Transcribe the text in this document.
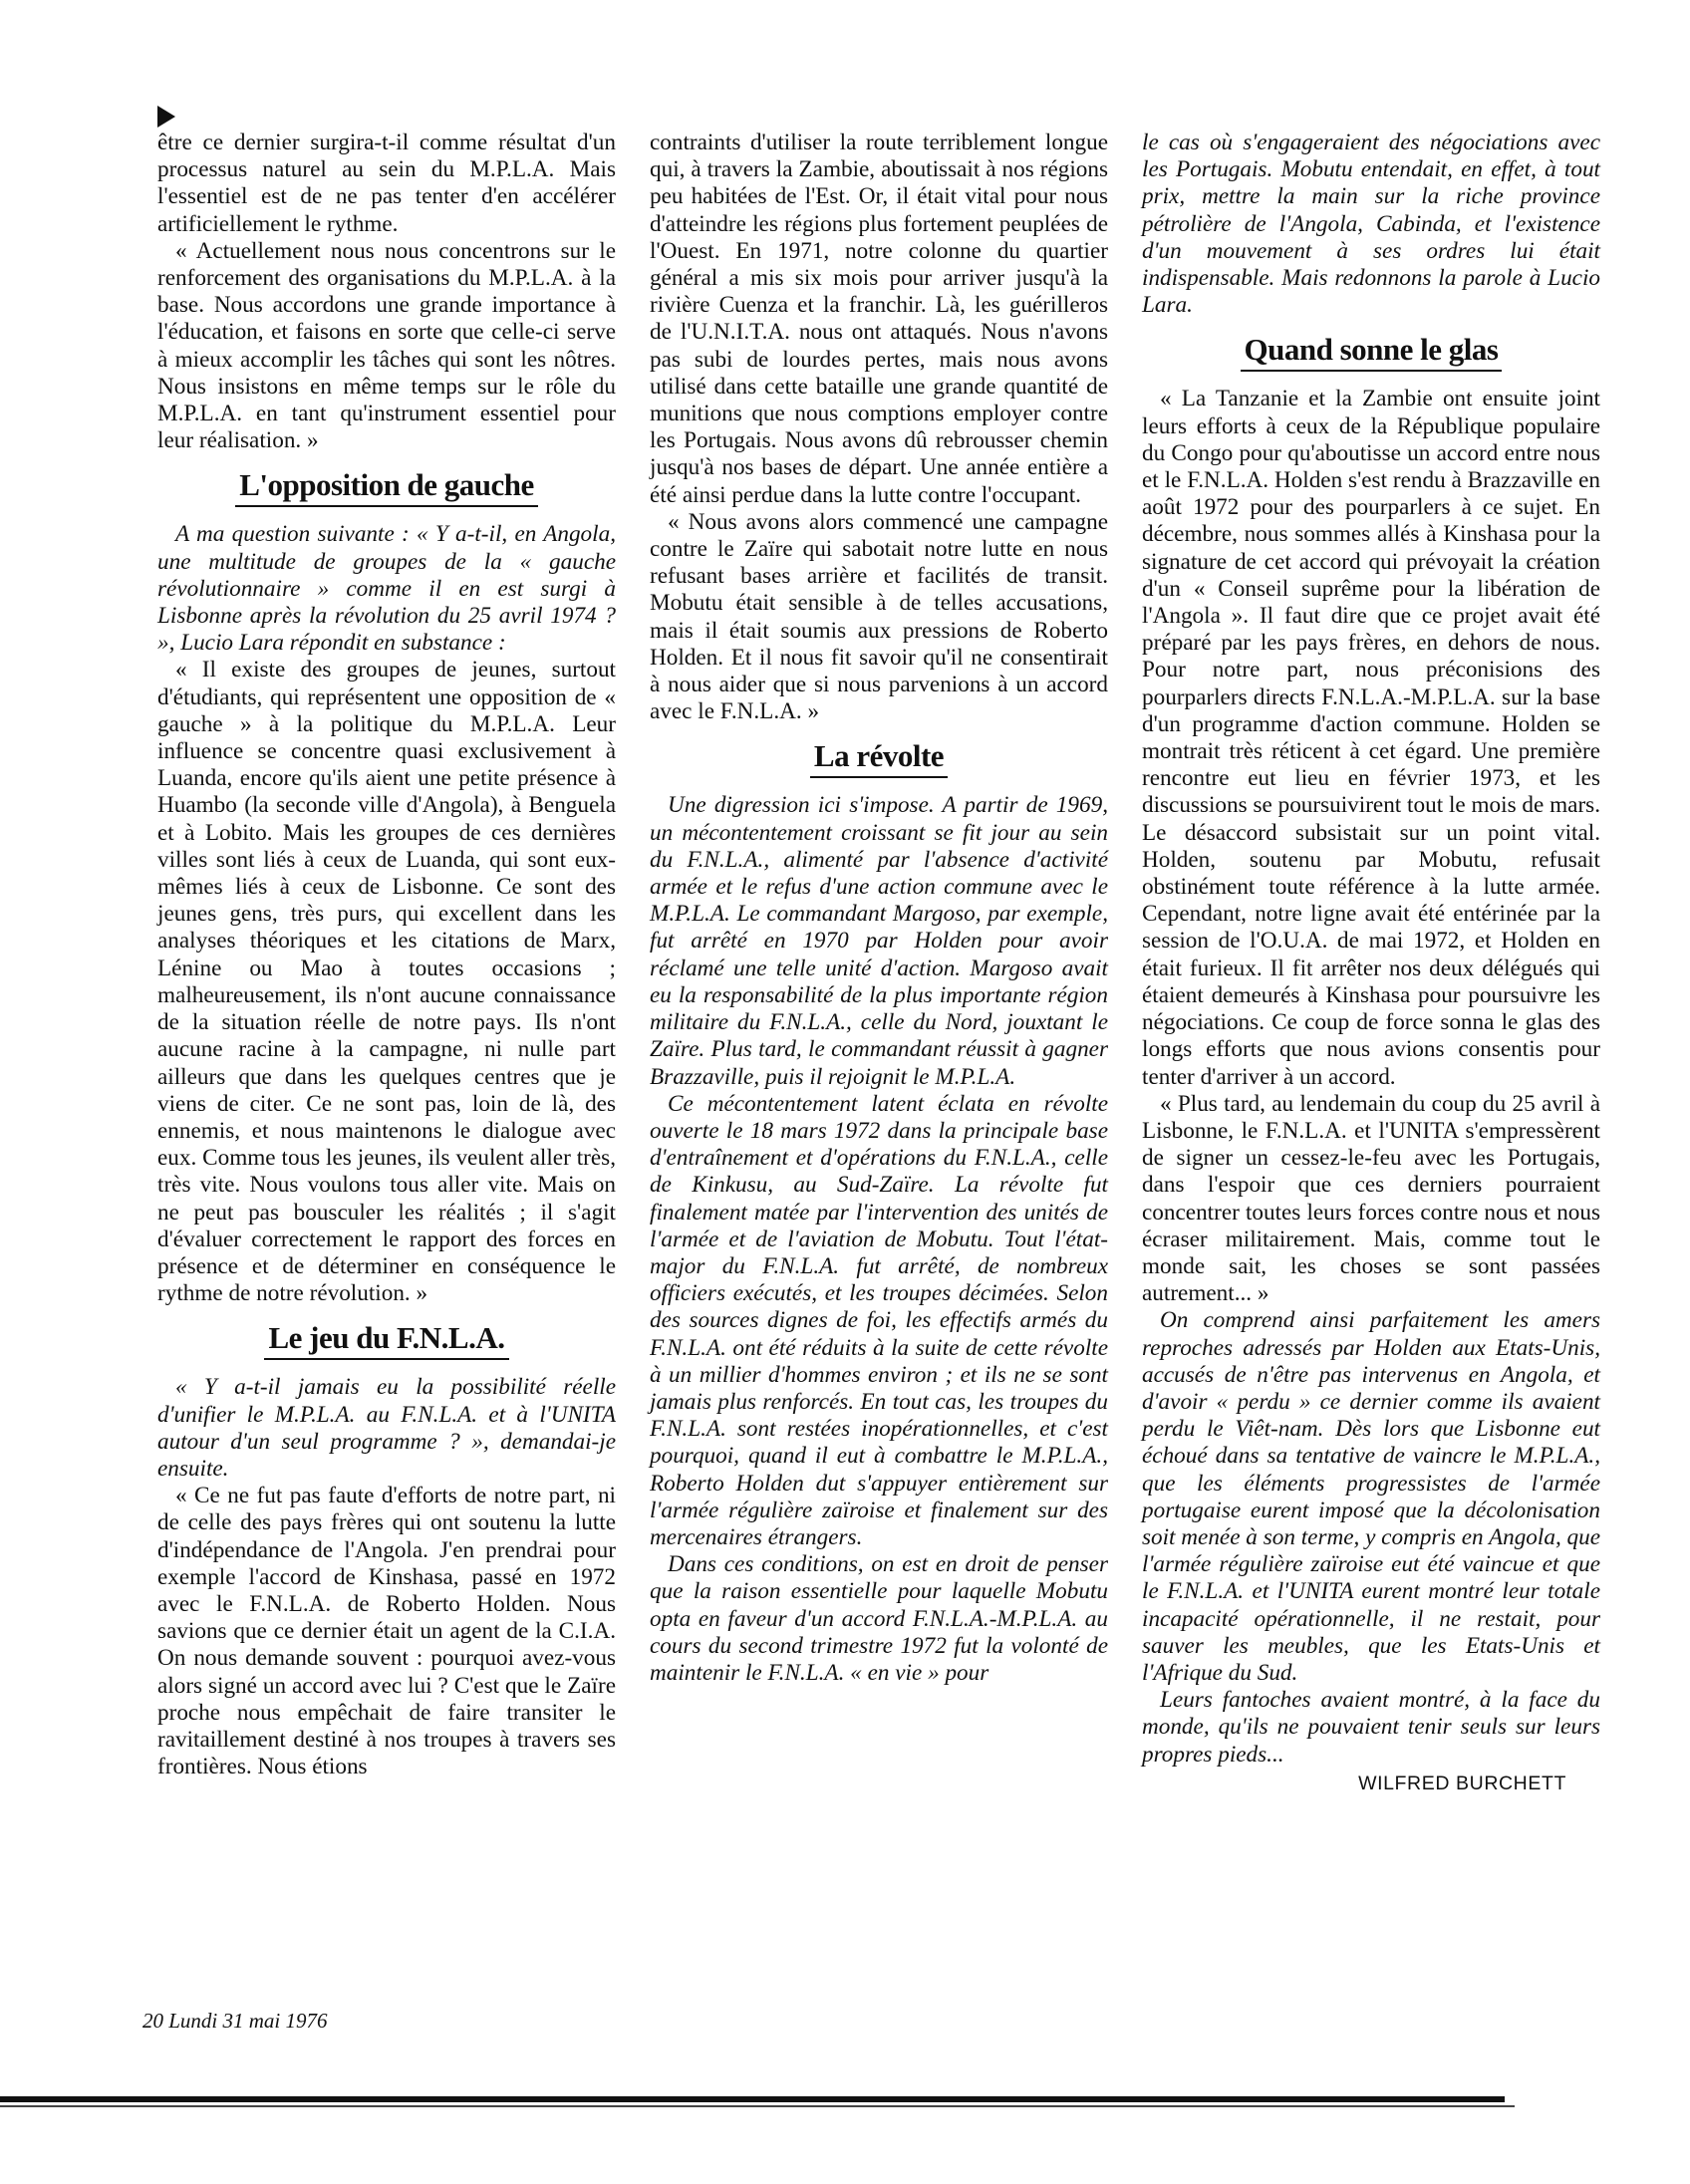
être ce dernier surgira-t-il comme résultat d'un processus naturel au sein du M.P.L.A. Mais l'essentiel est de ne pas tenter d'en accélérer artificiellement le rythme.

« Actuellement nous nous concentrons sur le renforcement des organisations du M.P.L.A. à la base. Nous accordons une grande importance à l'éducation, et faisons en sorte que celle-ci serve à mieux accomplir les tâches qui sont les nôtres. Nous insistons en même temps sur le rôle du M.P.L.A. en tant qu'instrument essentiel pour leur réalisation. »

L'opposition de gauche

A ma question suivante : « Y a-t-il, en Angola, une multitude de groupes de la « gauche révolutionnaire » comme il en est surgi à Lisbonne après la révolution du 25 avril 1974 ? », Lucio Lara répondit en substance :

« Il existe des groupes de jeunes, surtout d'étudiants, qui représentent une opposition de « gauche » à la politique du M.P.L.A. Leur influence se concentre quasi exclusivement à Luanda, encore qu'ils aient une petite présence à Huambo (la seconde ville d'Angola), à Benguela et à Lobito. Mais les groupes de ces dernières villes sont liés à ceux de Luanda, qui sont eux-mêmes liés à ceux de Lisbonne. Ce sont des jeunes gens, très purs, qui excellent dans les analyses théoriques et les citations de Marx, Lénine ou Mao à toutes occasions ; malheureusement, ils n'ont aucune connaissance de la situation réelle de notre pays. Ils n'ont aucune racine à la campagne, ni nulle part ailleurs que dans les quelques centres que je viens de citer. Ce ne sont pas, loin de là, des ennemis, et nous maintenons le dialogue avec eux. Comme tous les jeunes, ils veulent aller très, très vite. Nous voulons tous aller vite. Mais on ne peut pas bousculer les réalités ; il s'agit d'évaluer correctement le rapport des forces en présence et de déterminer en conséquence le rythme de notre révolution. »

Le jeu du F.N.L.A.

« Y a-t-il jamais eu la possibilité réelle d'unifier le M.P.L.A. au F.N.L.A. et à l'UNITA autour d'un seul programme ? », demandai-je ensuite.

« Ce ne fut pas faute d'efforts de notre part, ni de celle des pays frères qui ont soutenu la lutte d'indépendance de l'Angola. J'en prendrai pour exemple l'accord de Kinshasa, passé en 1972 avec le F.N.L.A. de Roberto Holden. Nous savions que ce dernier était un agent de la C.I.A. On nous demande souvent : pourquoi avez-vous alors signé un accord avec lui ? C'est que le Zaïre proche nous empêchait de faire transiter le ravitaillement destiné à nos troupes à travers ses frontières. Nous étions

contraints d'utiliser la route terriblement longue qui, à travers la Zambie, aboutissait à nos régions peu habitées de l'Est. Or, il était vital pour nous d'atteindre les régions plus fortement peuplées de l'Ouest. En 1971, notre colonne du quartier général a mis six mois pour arriver jusqu'à la rivière Cuenza et la franchir. Là, les guérilleros de l'U.N.I.T.A. nous ont attaqués. Nous n'avons pas subi de lourdes pertes, mais nous avons utilisé dans cette bataille une grande quantité de munitions que nous comptions employer contre les Portugais. Nous avons dû rebrousser chemin jusqu'à nos bases de départ. Une année entière a été ainsi perdue dans la lutte contre l'occupant.

« Nous avons alors commencé une campagne contre le Zaïre qui sabotait notre lutte en nous refusant bases arrière et facilités de transit. Mobutu était sensible à de telles accusations, mais il était soumis aux pressions de Roberto Holden. Et il nous fit savoir qu'il ne consentirait à nous aider que si nous parvenions à un accord avec le F.N.L.A. »

La révolte

Une digression ici s'impose. A partir de 1969, un mécontentement croissant se fit jour au sein du F.N.L.A., alimenté par l'absence d'activité armée et le refus d'une action commune avec le M.P.L.A. Le commandant Margoso, par exemple, fut arrêté en 1970 par Holden pour avoir réclamé une telle unité d'action. Margoso avait eu la responsabilité de la plus importante région militaire du F.N.L.A., celle du Nord, jouxtant le Zaïre. Plus tard, le commandant réussit à gagner Brazzaville, puis il rejoignit le M.P.L.A.

Ce mécontentement latent éclata en révolte ouverte le 18 mars 1972 dans la principale base d'entraînement et d'opérations du F.N.L.A., celle de Kinkusu, au Sud-Zaïre. La révolte fut finalement matée par l'intervention des unités de l'armée et de l'aviation de Mobutu. Tout l'état-major du F.N.L.A. fut arrêté, de nombreux officiers exécutés, et les troupes décimées. Selon des sources dignes de foi, les effectifs armés du F.N.L.A. ont été réduits à la suite de cette révolte à un millier d'hommes environ ; et ils ne se sont jamais plus renforcés. En tout cas, les troupes du F.N.L.A. sont restées inopérationnelles, et c'est pourquoi, quand il eut à combattre le M.P.L.A., Roberto Holden dut s'appuyer entièrement sur l'armée régulière zaïroise et finalement sur des mercenaires étrangers.

Dans ces conditions, on est en droit de penser que la raison essentielle pour laquelle Mobutu opta en faveur d'un accord F.N.L.A.-M.P.L.A. au cours du second trimestre 1972 fut la volonté de maintenir le F.N.L.A. « en vie » pour

le cas où s'engageraient des négociations avec les Portugais. Mobutu entendait, en effet, à tout prix, mettre la main sur la riche province pétrolière de l'Angola, Cabinda, et l'existence d'un mouvement à ses ordres lui était indispensable. Mais redonnons la parole à Lucio Lara.

Quand sonne le glas

« La Tanzanie et la Zambie ont ensuite joint leurs efforts à ceux de la République populaire du Congo pour qu'aboutisse un accord entre nous et le F.N.L.A. Holden s'est rendu à Brazzaville en août 1972 pour des pourparlers à ce sujet. En décembre, nous sommes allés à Kinshasa pour la signature de cet accord qui prévoyait la création d'un « Conseil suprême pour la libération de l'Angola ». Il faut dire que ce projet avait été préparé par les pays frères, en dehors de nous. Pour notre part, nous préconisions des pourparlers directs F.N.L.A.-M.P.L.A. sur la base d'un programme d'action commune. Holden se montrait très réticent à cet égard. Une première rencontre eut lieu en février 1973, et les discussions se poursuivirent tout le mois de mars. Le désaccord subsistait sur un point vital. Holden, soutenu par Mobutu, refusait obstinément toute référence à la lutte armée. Cependant, notre ligne avait été entérinée par la session de l'O.U.A. de mai 1972, et Holden en était furieux. Il fit arrêter nos deux délégués qui étaient demeurés à Kinshasa pour poursuivre les négociations. Ce coup de force sonna le glas des longs efforts que nous avions consentis pour tenter d'arriver à un accord.

« Plus tard, au lendemain du coup du 25 avril à Lisbonne, le F.N.L.A. et l'UNITA s'empressèrent de signer un cessez-le-feu avec les Portugais, dans l'espoir que ces derniers pourraient concentrer toutes leurs forces contre nous et nous écraser militairement. Mais, comme tout le monde sait, les choses se sont passées autrement... »

On comprend ainsi parfaitement les amers reproches adressés par Holden aux Etats-Unis, accusés de n'être pas intervenus en Angola, et d'avoir « perdu » ce dernier comme ils avaient perdu le Viêt-nam. Dès lors que Lisbonne eut échoué dans sa tentative de vaincre le M.P.L.A., que les éléments progressistes de l'armée portugaise eurent imposé que la décolonisation soit menée à son terme, y compris en Angola, que l'armée régulière zaïroise eut été vaincue et que le F.N.L.A. et l'UNITA eurent montré leur totale incapacité opérationnelle, il ne restait, pour sauver les meubles, que les Etats-Unis et l'Afrique du Sud.

Leurs fantoches avaient montré, à la face du monde, qu'ils ne pouvaient tenir seuls sur leurs propres pieds...

WILFRED BURCHETT

20 Lundi 31 mai 1976
